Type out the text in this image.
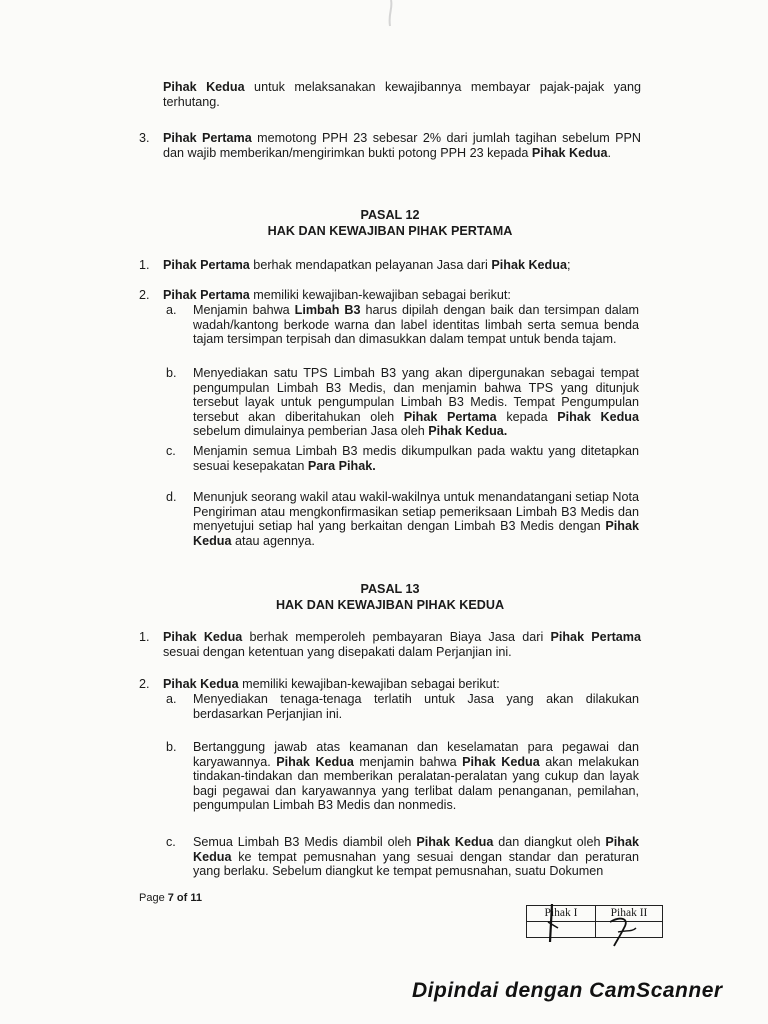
Pihak Kedua untuk melaksanakan kewajibannya membayar pajak-pajak yang terhutang.
3. Pihak Pertama memotong PPH 23 sebesar 2% dari jumlah tagihan sebelum PPN dan wajib memberikan/mengirimkan bukti potong PPH 23 kepada Pihak Kedua.
PASAL 12
HAK DAN KEWAJIBAN PIHAK PERTAMA
1. Pihak Pertama berhak mendapatkan pelayanan Jasa dari Pihak Kedua;
2. Pihak Pertama memiliki kewajiban-kewajiban sebagai berikut:
a. Menjamin bahwa Limbah B3 harus dipilah dengan baik dan tersimpan dalam wadah/kantong berkode warna dan label identitas limbah serta semua benda tajam tersimpan terpisah dan dimasukkan dalam tempat untuk benda tajam.
b. Menyediakan satu TPS Limbah B3 yang akan dipergunakan sebagai tempat pengumpulan Limbah B3 Medis, dan menjamin bahwa TPS yang ditunjuk tersebut layak untuk pengumpulan Limbah B3 Medis. Tempat Pengumpulan tersebut akan diberitahukan oleh Pihak Pertama kepada Pihak Kedua sebelum dimulainya pemberian Jasa oleh Pihak Kedua.
c. Menjamin semua Limbah B3 medis dikumpulkan pada waktu yang ditetapkan sesuai kesepakatan Para Pihak.
d. Menunjuk seorang wakil atau wakil-wakilnya untuk menandatangani setiap Nota Pengiriman atau mengkonfirmasikan setiap pemeriksaan Limbah B3 Medis dan menyetujui setiap hal yang berkaitan dengan Limbah B3 Medis dengan Pihak Kedua atau agennya.
PASAL 13
HAK DAN KEWAJIBAN PIHAK KEDUA
1. Pihak Kedua berhak memperoleh pembayaran Biaya Jasa dari Pihak Pertama sesuai dengan ketentuan yang disepakati dalam Perjanjian ini.
2. Pihak Kedua memiliki kewajiban-kewajiban sebagai berikut:
a. Menyediakan tenaga-tenaga terlatih untuk Jasa yang akan dilakukan berdasarkan Perjanjian ini.
b. Bertanggung jawab atas keamanan dan keselamatan para pegawai dan karyawannya. Pihak Kedua menjamin bahwa Pihak Kedua akan melakukan tindakan-tindakan dan memberikan peralatan-peralatan yang cukup dan layak bagi pegawai dan karyawannya yang terlibat dalam penanganan, pemilahan, pengumpulan Limbah B3 Medis dan nonmedis.
c. Semua Limbah B3 Medis diambil oleh Pihak Kedua dan diangkut oleh Pihak Kedua ke tempat pemusnahan yang sesuai dengan standar dan peraturan yang berlaku. Sebelum diangkut ke tempat pemusnahan, suatu Dokumen
Page 7 of 11
Pihak I	Pihak II

Dipindai dengan CamScanner
